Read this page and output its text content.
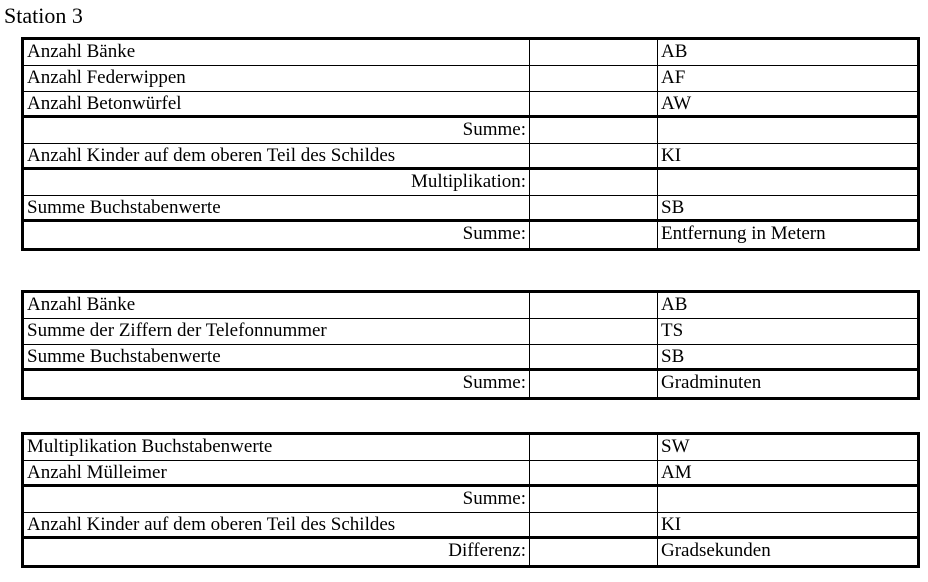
Station 3
Anzahl Bänke	AB
Anzahl Federwippen	AF
Anzahl Betonwürfel	AW
Summe:
Anzahl Kinder auf dem oberen Teil des Schildes	KI
Multiplikation:
Summe Buchstabenwerte	SB
Summe:	Entfernung in Metern
Anzahl Bänke	AB
Summe der Ziffern der Telefonnummer	TS
Summe Buchstabenwerte	SB
Summe:	Gradminuten
Multiplikation Buchstabenwerte	SW
Anzahl Mülleimer	AM
Summe:
Anzahl Kinder auf dem oberen Teil des Schildes	KI
Differenz:	Gradsekunden
